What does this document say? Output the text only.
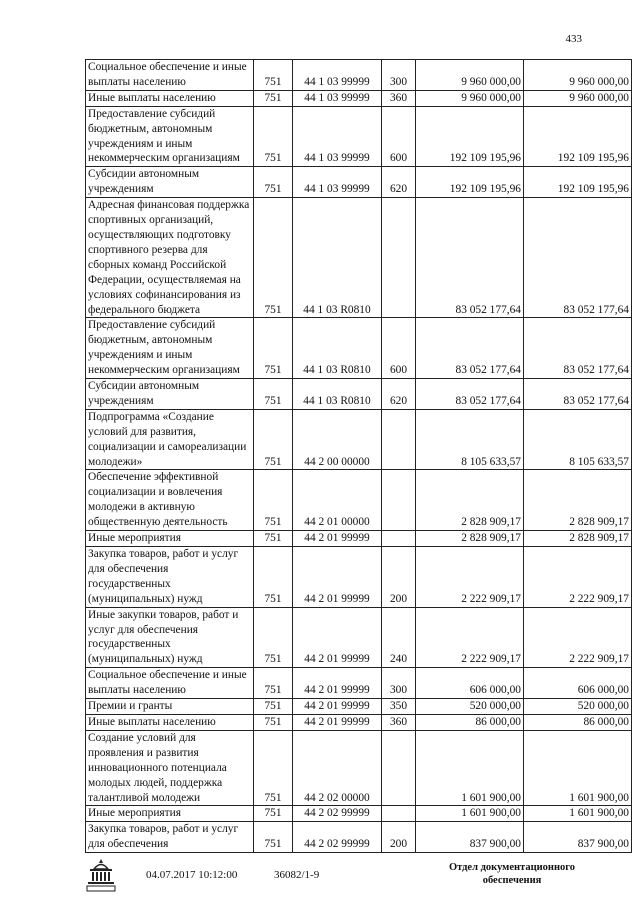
433
Социальное обеспечение и иные выплаты населению	751	44 1 03 99999	300	9 960 000,00	9 960 000,00
Иные выплаты населению	751	44 1 03 99999	360	9 960 000,00	9 960 000,00
Предоставление субсидий бюджетным, автономным учреждениям и иным некоммерческим организациям	751	44 1 03 99999	600	192 109 195,96	192 109 195,96
Субсидии автономным учреждениям	751	44 1 03 99999	620	192 109 195,96	192 109 195,96
Адресная финансовая поддержка спортивных организаций, осуществляющих подготовку спортивного резерва для сборных команд Российской Федерации, осуществляемая на условиях софинансирования из федерального бюджета	751	44 1 03 R0810		83 052 177,64	83 052 177,64
Предоставление субсидий бюджетным, автономным учреждениям и иным некоммерческим организациям	751	44 1 03 R0810	600	83 052 177,64	83 052 177,64
Субсидии автономным учреждениям	751	44 1 03 R0810	620	83 052 177,64	83 052 177,64
Подпрограмма «Создание условий для развития, социализации и самореализации молодежи»	751	44 2 00 00000		8 105 633,57	8 105 633,57
Обеспечение эффективной социализации и вовлечения молодежи в активную общественную деятельность	751	44 2 01 00000		2 828 909,17	2 828 909,17
Иные мероприятия	751	44 2 01 99999		2 828 909,17	2 828 909,17
Закупка товаров, работ и услуг для обеспечения государственных (муниципальных) нужд	751	44 2 01 99999	200	2 222 909,17	2 222 909,17
Иные закупки товаров, работ и услуг для обеспечения государственных (муниципальных) нужд	751	44 2 01 99999	240	2 222 909,17	2 222 909,17
Социальное обеспечение и иные выплаты населению	751	44 2 01 99999	300	606 000,00	606 000,00
Премии и гранты	751	44 2 01 99999	350	520 000,00	520 000,00
Иные выплаты населению	751	44 2 01 99999	360	86 000,00	86 000,00
Создание условий для проявления и развития инновационного потенциала молодых людей, поддержка талантливой молодежи	751	44 2 02 00000		1 601 900,00	1 601 900,00
Иные мероприятия	751	44 2 02 99999		1 601 900,00	1 601 900,00
Закупка товаров, работ и услуг для обеспечения	751	44 2 02 99999	200	837 900,00	837 900,00
04.07.2017 10:12:00	36082/1-9
Отдел документационного
обеспечения
